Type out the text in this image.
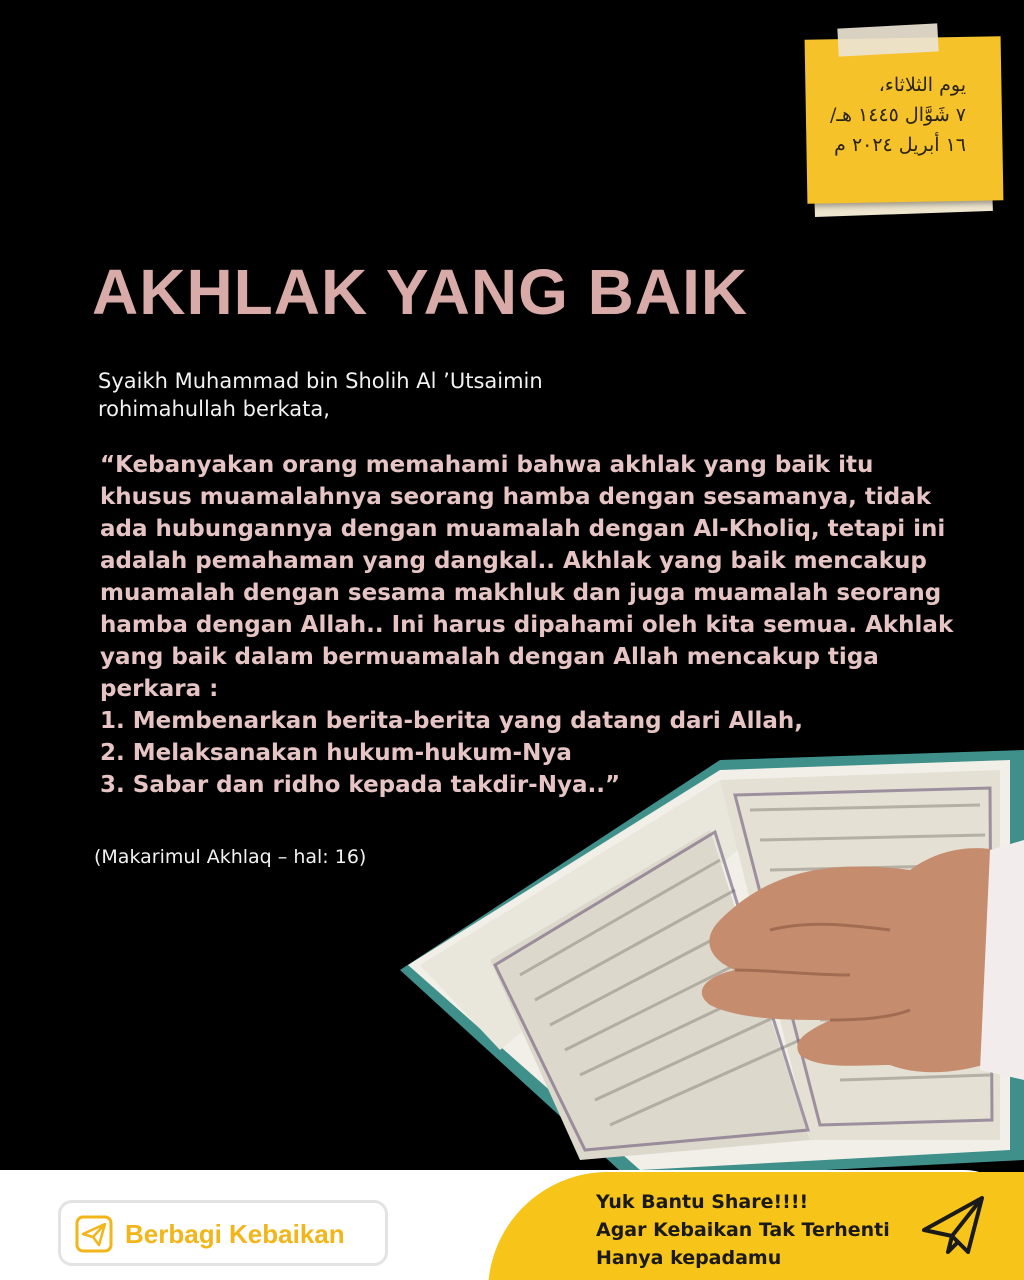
يوم الثلاثاء،
٧ شَوَّال ١٤٤٥ هـ/
١٦ أبريل ٢٠٢٤ م
AKHLAK YANG BAIK
Syaikh Muhammad bin Sholih Al ’Utsaimin
rohimahullah berkata,
“Kebanyakan orang memahami bahwa akhlak yang baik itu
khusus muamalahnya seorang hamba dengan sesamanya, tidak
ada hubungannya dengan muamalah dengan Al-Kholiq, tetapi ini
adalah pemahaman yang dangkal.. Akhlak yang baik mencakup
muamalah dengan sesama makhluk dan juga muamalah seorang
hamba dengan Allah.. Ini harus dipahami oleh kita semua. Akhlak
yang baik dalam bermuamalah dengan Allah mencakup tiga
perkara :
1. Membenarkan berita-berita yang datang dari Allah,
2. Melaksanakan hukum-hukum-Nya
3. Sabar dan ridho kepada takdir-Nya..”
(Makarimul Akhlaq – hal: 16)
Berbagi Kebaikan
Yuk Bantu Share!!!!
Agar Kebaikan Tak Terhenti
Hanya kepadamu
